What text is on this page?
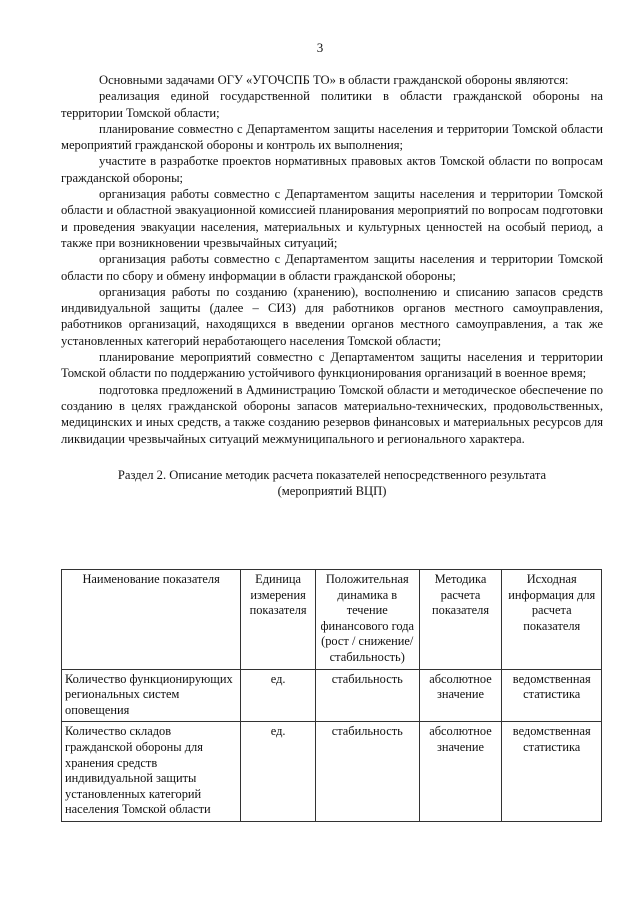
3

Основными задачами ОГУ «УГОЧСПБ ТО» в области гражданской обороны являются:

реализация единой государственной политики в области гражданской обороны на территории Томской области;

планирование совместно с Департаментом защиты населения и территории Томской области мероприятий гражданской обороны и контроль их выполнения;

участите в разработке проектов нормативных правовых актов Томской области по вопросам гражданской обороны;

организация работы совместно с Департаментом защиты населения и территории Томской области и областной эвакуационной комиссией планирования мероприятий по вопросам подготовки и проведения эвакуации населения, материальных и культурных ценностей на особый период, а также при возникновении чрезвычайных ситуаций;

организация работы совместно с Департаментом защиты населения и территории Томской области по сбору и обмену информации в области гражданской обороны;

организация работы по созданию (хранению), восполнению и списанию запасов средств индивидуальной защиты (далее – СИЗ) для работников органов местного самоуправления, работников организаций, находящихся в введении органов местного самоуправления, а так же установленных категорий неработающего населения Томской области;

планирование мероприятий совместно с Департаментом защиты населения и территории Томской области по поддержанию устойчивого функционирования организаций в военное время;

подготовка предложений в Администрацию Томской области и методическое обеспечение по созданию в целях гражданской обороны запасов материально-технических, продовольственных, медицинских и иных средств, а также созданию резервов финансовых и материальных ресурсов для ликвидации чрезвычайных ситуаций межмуниципального и регионального характера.

Раздел 2. Описание методик расчета показателей непосредственного результата
(мероприятий ВЦП)
Наименование показателя	Единица измерения показателя	Положительная динамика в течение финансового года (рост / снижение/ стабильность)	Методика расчета показателя	Исходная информация для расчета показателя
Количество функционирующих региональных систем оповещения	ед.	стабильность	абсолютное значение	ведомственная статистика
Количество складов гражданской обороны для хранения средств индивидуальной защиты установленных категорий населения Томской области	ед.	стабильность	абсолютное значение	ведомственная статистика
